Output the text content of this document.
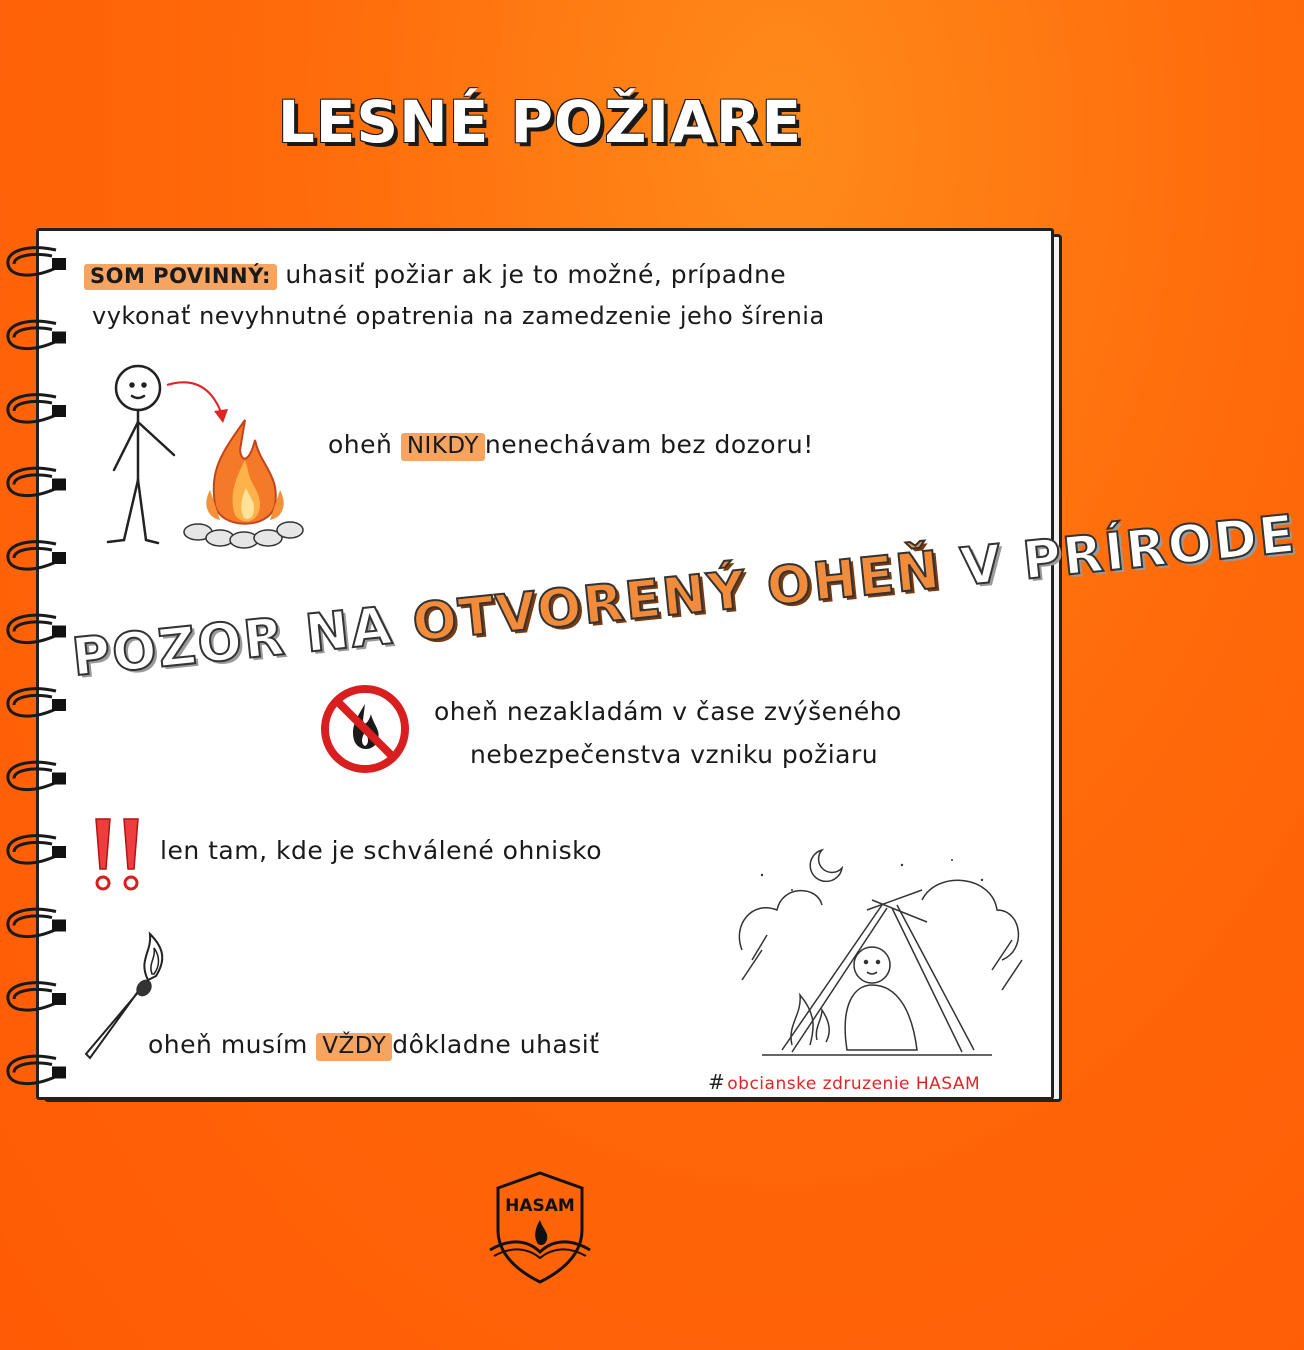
LESNÉ POŽIARE
SOM POVINNÝ: uhasiť požiar ak je to možné, prípadne
vykonať nevyhnutné opatrenia na zamedzenie jeho šírenia
oheň NIKDY nenechávam bez dozoru!
POZOR NA OTVORENÝ OHEŇ V PRÍRODE
oheň nezakladám v čase zvýšeného
nebezpečenstva vzniku požiaru
len tam, kde je schválené ohnisko
oheň musím VŽDY dôkladne uhasiť
# obcianske zdruzenie HASAM
HASAM
